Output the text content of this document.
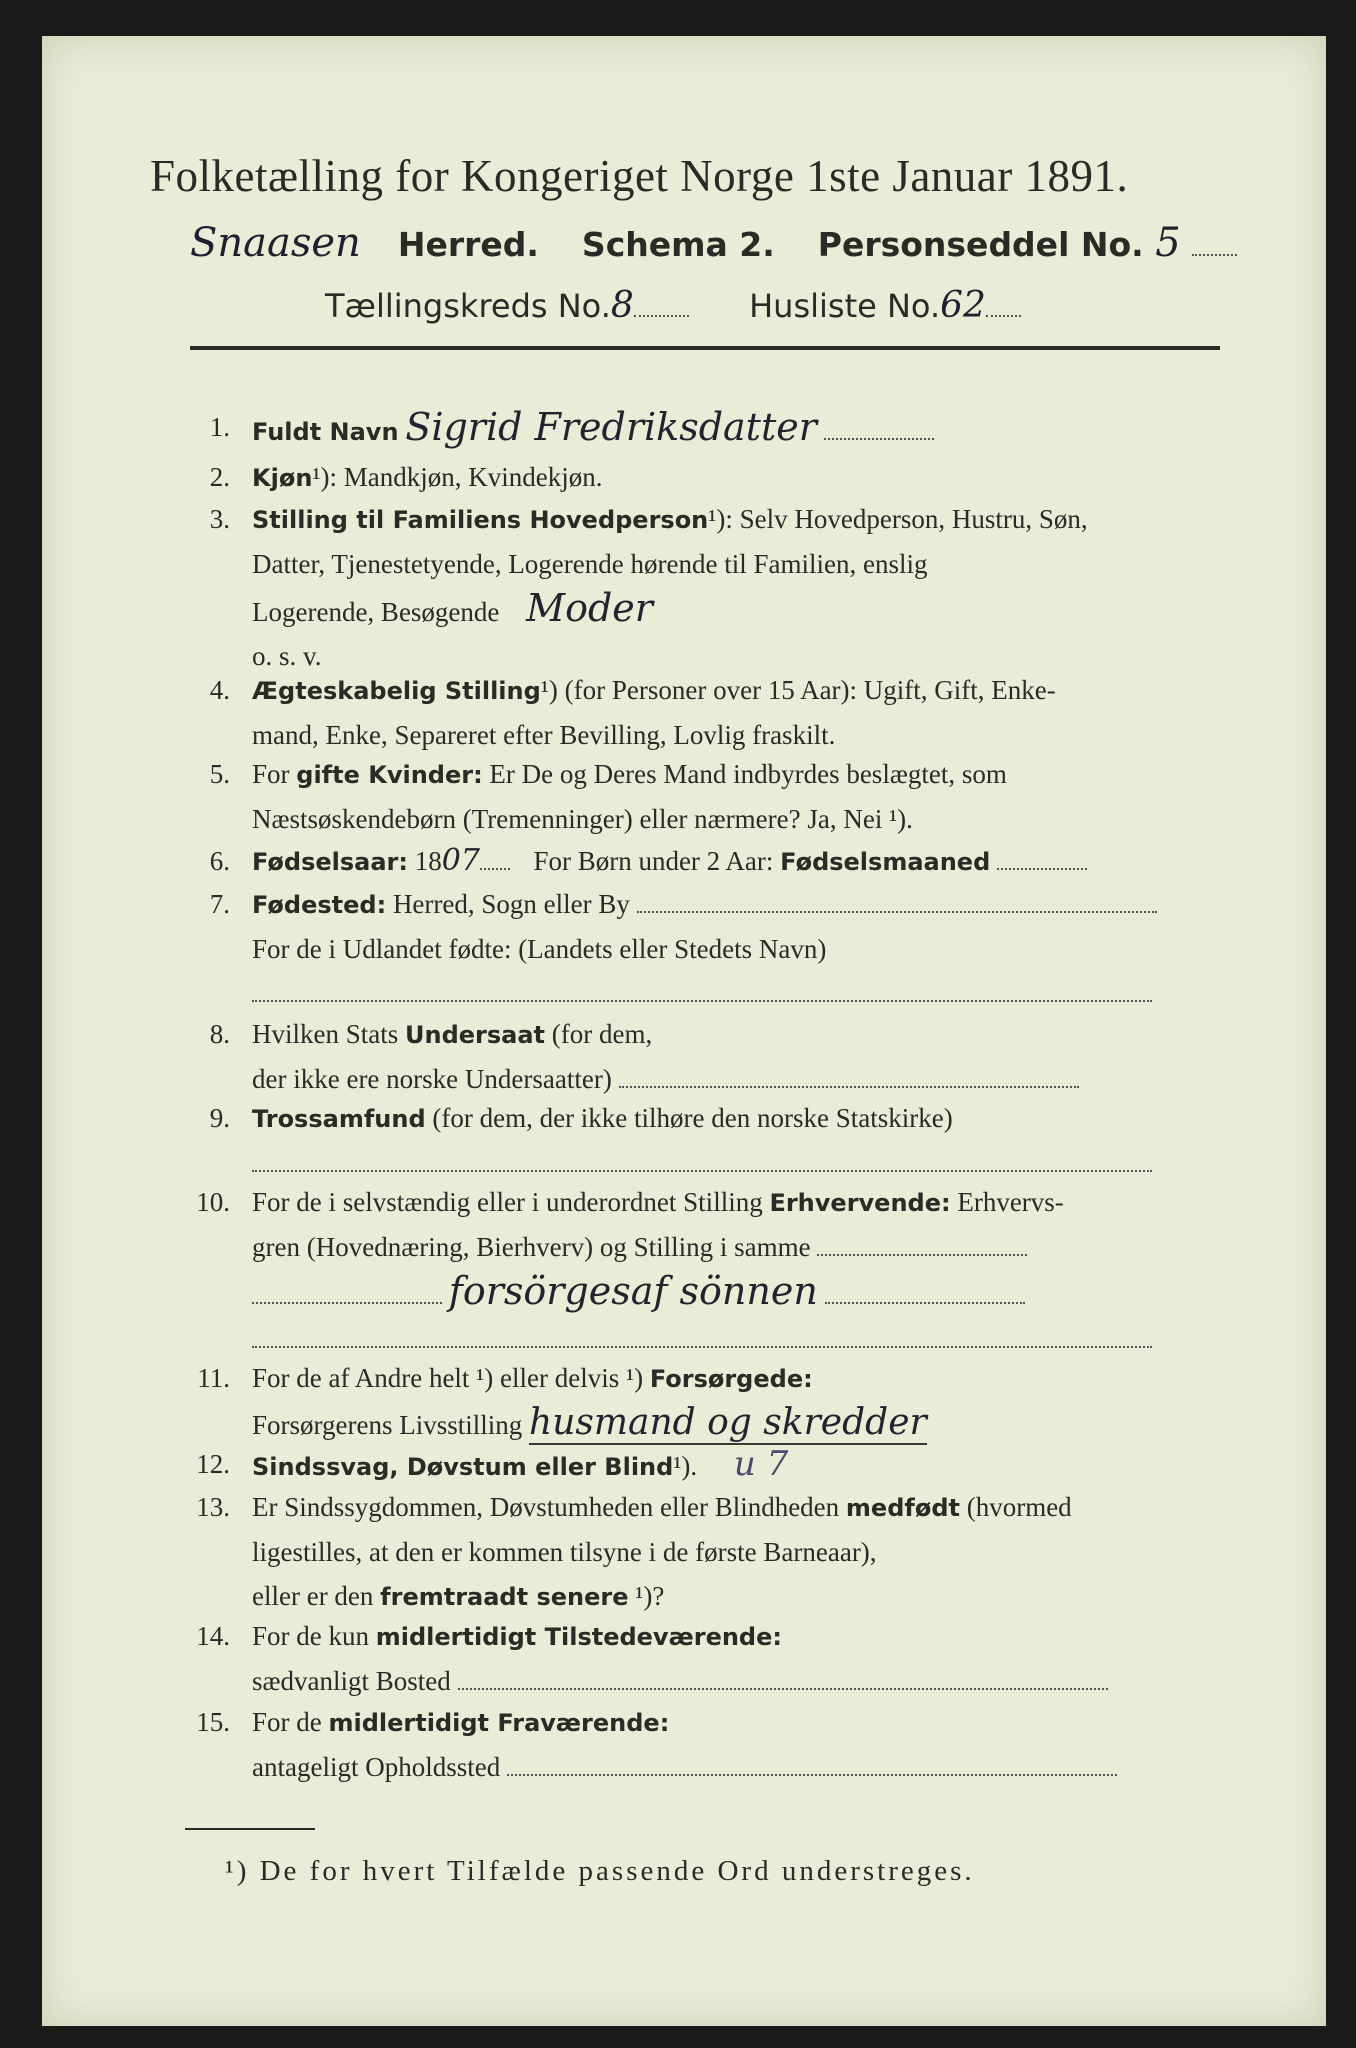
Folketælling for Kongeriget Norge 1ste Januar 1891.
Snaasen Herred. Schema 2. Personseddel No. 5
Tællingskreds No.8	Husliste No.62
1. Fuldt Navn Sigrid Fredriksdatter
2. Kjøn¹): Mandkjøn, Kvindekjøn.
3. Stilling til Familiens Hovedperson¹): Selv Hovedperson, Hustru, Søn,
Datter, Tjenestetyende, Logerende hørende til Familien, enslig
Logerende, Besøgende Moder
o. s. v.
4. Ægteskabelig Stilling¹) (for Personer over 15 Aar): Ugift, Gift, Enke-
mand, Enke, Separeret efter Bevilling, Lovlig fraskilt.
5. For gifte Kvinder: Er De og Deres Mand indbyrdes beslægtet, som
Næstsøskendebørn (Tremenninger) eller nærmere? Ja, Nei ¹).
6. Fødselsaar: 1807 For Børn under 2 Aar: Fødselsmaaned
7. Fødested: Herred, Sogn eller By
For de i Udlandet fødte: (Landets eller Stedets Navn)

8. Hvilken Stats Undersaat (for dem,
der ikke ere norske Undersaatter)
9. Trossamfund (for dem, der ikke tilhøre den norske Statskirke)

10. For de i selvstændig eller i underordnet Stilling Erhvervende: Erhvervs-
gren (Hovednæring, Bierhverv) og Stilling i samme
forsörgesaf sönnen

11. For de af Andre helt ¹) eller delvis ¹) Forsørgede:
Forsørgerens Livsstilling husmand og skredder
12. Sindssvag, Døvstum eller Blind¹). u 7
13. Er Sindssygdommen, Døvstumheden eller Blindheden medfødt (hvormed
ligestilles, at den er kommen tilsyne i de første Barneaar),
eller er den fremtraadt senere ¹)?
14. For de kun midlertidigt Tilstedeværende:
sædvanligt Bosted
15. For de midlertidigt Fraværende:
antageligt Opholdssted
¹) De for hvert Tilfælde passende Ord understreges.
